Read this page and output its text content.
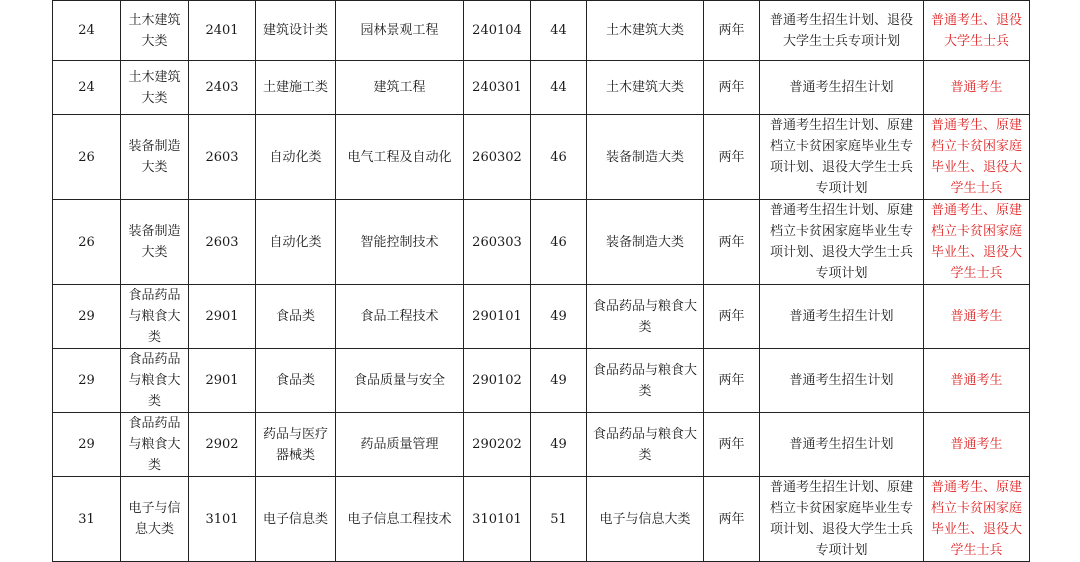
24	土木建筑大类	2401	建筑设计类	园林景观工程	240104	44	土木建筑大类	两年	普通考生招生计划、退役大学生士兵专项计划	普通考生、退役大学生士兵
24	土木建筑大类	2403	土建施工类	建筑工程	240301	44	土木建筑大类	两年	普通考生招生计划	普通考生
26	装备制造大类	2603	自动化类	电气工程及自动化	260302	46	装备制造大类	两年	普通考生招生计划、原建档立卡贫困家庭毕业生专项计划、退役大学生士兵专项计划	普通考生、原建档立卡贫困家庭毕业生、退役大学生士兵
26	装备制造大类	2603	自动化类	智能控制技术	260303	46	装备制造大类	两年	普通考生招生计划、原建档立卡贫困家庭毕业生专项计划、退役大学生士兵专项计划	普通考生、原建档立卡贫困家庭毕业生、退役大学生士兵
29	食品药品与粮食大类	2901	食品类	食品工程技术	290101	49	食品药品与粮食大类	两年	普通考生招生计划	普通考生
29	食品药品与粮食大类	2901	食品类	食品质量与安全	290102	49	食品药品与粮食大类	两年	普通考生招生计划	普通考生
29	食品药品与粮食大类	2902	药品与医疗器械类	药品质量管理	290202	49	食品药品与粮食大类	两年	普通考生招生计划	普通考生
31	电子与信息大类	3101	电子信息类	电子信息工程技术	310101	51	电子与信息大类	两年	普通考生招生计划、原建档立卡贫困家庭毕业生专项计划、退役大学生士兵专项计划	普通考生、原建档立卡贫困家庭毕业生、退役大学生士兵
